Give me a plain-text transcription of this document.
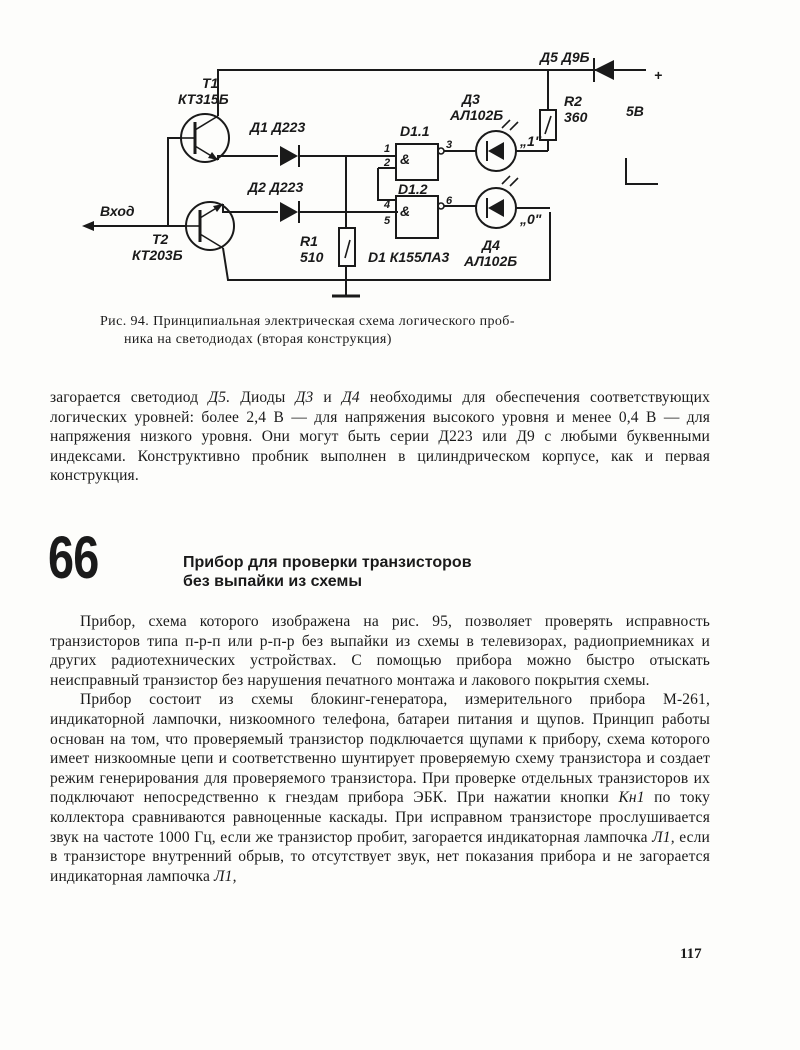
T1
КТ315Б
T2
КТ203Б
Вход
Д1 Д223
Д2 Д223
Д5 Д9Б
+
5В
Д3
АЛ102Б
R2
360
D1.1
D1.2
&
&
1
2
3
4
5
6
„1"
„0"
Д4
АЛ102Б
R1
510	D1 К155ЛА3
Рис. 94. Принципиальная электрическая схема логического проб-
ника на светодиодах (вторая конструкция)

загорается светодиод Д5. Диоды Д3 и Д4 необходимы для обеспечения соответствующих логических уровней: более 2,4 В — для напряжения высокого уровня и менее 0,4 В — для напряжения низкого уровня. Они могут быть серии Д223 или Д9 с любыми буквенными индексами. Конструктивно пробник выполнен в цилиндрическом корпусе, как и первая конструкция.

66	Прибор для проверки транзисторов
без выпайки из схемы

Прибор, схема которого изображена на рис. 95, позволяет проверять исправность транзисторов типа п-р-п или р-п-р без выпайки из схемы в телевизорах, радиоприемниках и других радиотехнических устройствах. С помощью прибора можно быстро отыскать неисправный транзистор без нарушения печатного монтажа и лакового покрытия схемы.

Прибор состоит из схемы блокинг-генератора, измерительного прибора М-261, индикаторной лампочки, низкоомного телефона, батареи питания и щупов. Принцип работы основан на том, что проверяемый транзистор подключается щупами к прибору, схема которого имеет низкоомные цепи и соответственно шунтирует проверяемую схему транзистора и создает режим генерирования для проверяемого транзистора. При проверке отдельных транзисторов их подключают непосредственно к гнездам прибора ЭБК. При нажатии кнопки Кн1 по току коллектора сравниваются равноценные каскады. При исправном транзисторе прослушивается звук на частоте 1000 Гц, если же транзистор пробит, загорается индикаторная лампочка Л1, если в транзисторе внутренний обрыв, то отсутствует звук, нет показания прибора и не загорается индикаторная лампочка Л1,

117
